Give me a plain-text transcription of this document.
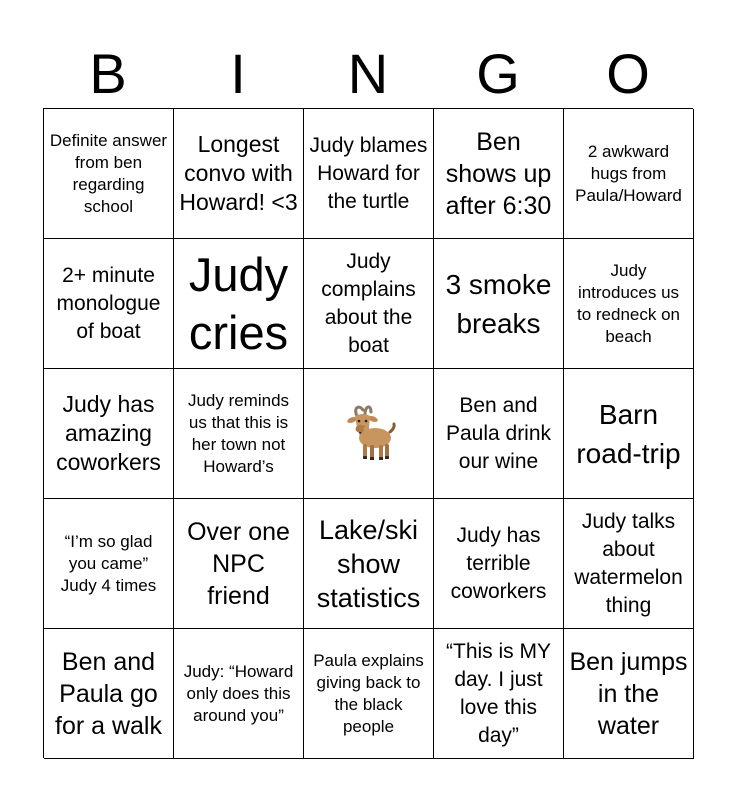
B	I	N	G	O
Definite answer from ben regarding school
Longest convo with Howard! <3
Judy blames Howard for the turtle
Ben shows up after 6:30
2 awkward hugs from Paula/Howard
2+ minute monologue of boat
Judy cries
Judy complains about the boat
3 smoke breaks
Judy introduces us to redneck on beach
Judy has amazing coworkers
Judy reminds us that this is her town not Howard’s
Ben and Paula drink our wine
Barn road-trip
“I’m so glad you came” Judy 4 times
Over one NPC friend
Lake/ski show statistics
Judy has terrible coworkers
Judy talks about watermelon thing
Ben and Paula go for a walk
Judy: “Howard only does this around you”
Paula explains giving back to the black people
“This is MY day. I just love this day”
Ben jumps in the water
